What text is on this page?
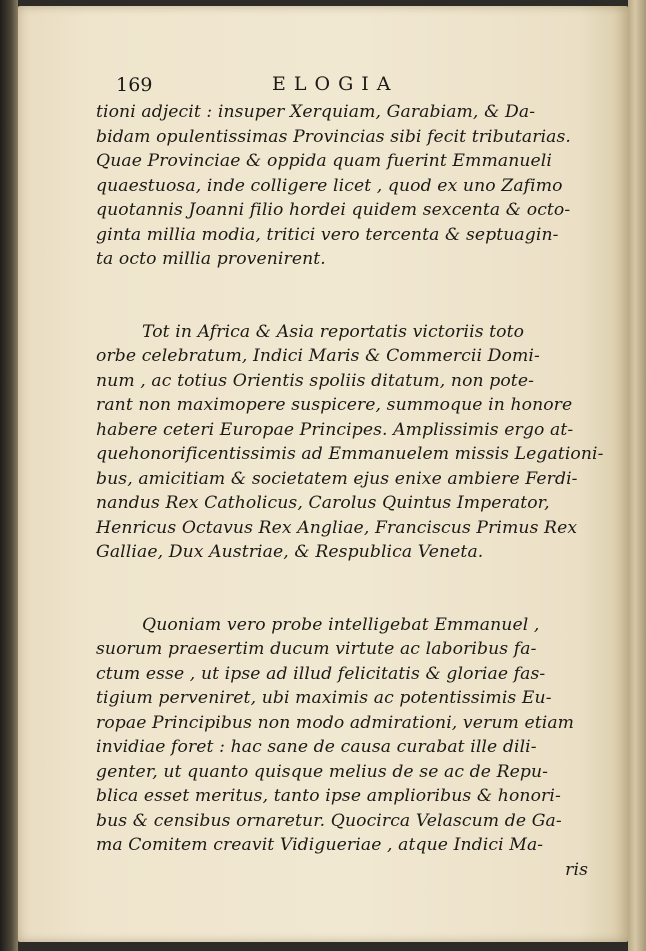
169	ELOGIA
tioni adjecit : insuper Xerquiam, Garabiam, & Da-
bidam opulentissimas Provincias sibi fecit tributarias.
Quae Provinciae & oppida quam fuerint Emmanueli
quaestuosa, inde colligere licet , quod ex uno Zafimo
quotannis Joanni filio hordei quidem sexcenta & octo-
ginta millia modia, tritici vero tercenta & septuagin-
ta octo millia provenirent.
Tot in Africa & Asia reportatis victoriis toto
orbe celebratum, Indici Maris & Commercii Domi-
num , ac totius Orientis spoliis ditatum, non pote-
rant non maximopere suspicere, summoque in honore
habere ceteri Europae Principes. Amplissimis ergo at-
quehonorificentissimis ad Emmanuelem missis Legationi-
bus, amicitiam & societatem ejus enixe ambiere Ferdi-
nandus Rex Catholicus, Carolus Quintus Imperator,
Henricus Octavus Rex Angliae, Franciscus Primus Rex
Galliae, Dux Austriae, & Respublica Veneta.
Quoniam vero probe intelligebat Emmanuel ,
suorum praesertim ducum virtute ac laboribus fa-
ctum esse , ut ipse ad illud felicitatis & gloriae fas-
tigium perveniret, ubi maximis ac potentissimis Eu-
ropae Principibus non modo admirationi, verum etiam
invidiae foret : hac sane de causa curabat ille dili-
genter, ut quanto quisque melius de se ac de Repu-
blica esset meritus, tanto ipse amplioribus & honori-
bus & censibus ornaretur. Quocirca Velascum de Ga-
ma Comitem creavit Vidigueriae , atque Indici Ma-
ris
